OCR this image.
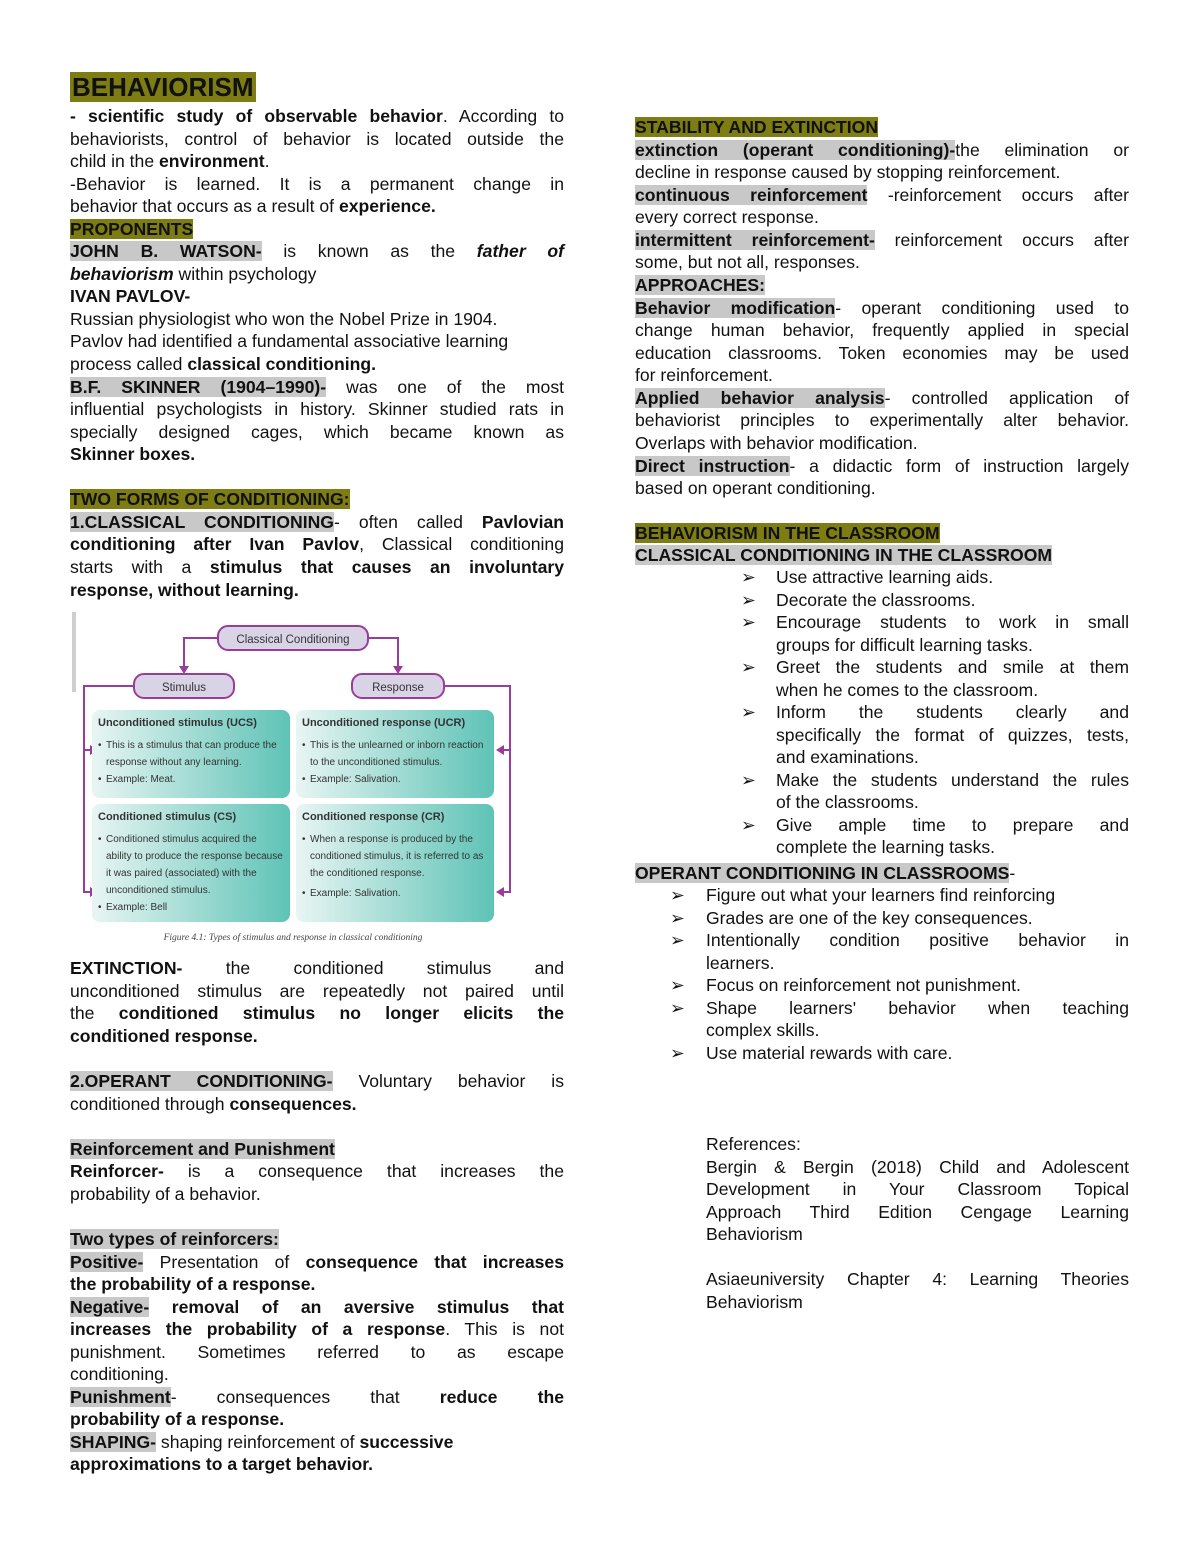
BEHAVIORISM
- scientific study of observable behavior. According to
behaviorists, control of behavior is located outside the
child in the environment.
-Behavior is learned. It is a permanent change in
behavior that occurs as a result of experience.
PROPONENTS
JOHN B. WATSON- is known as the father of
behaviorism within psychology
IVAN PAVLOV-
Russian physiologist who won the Nobel Prize in 1904.
Pavlov had identified a fundamental associative learning
process called classical conditioning.
B.F. SKINNER (1904–1990)- was one of the most
influential psychologists in history. Skinner studied rats in
specially designed cages, which became known as
Skinner boxes.
TWO FORMS OF CONDITIONING:
1.CLASSICAL CONDITIONING- often called Pavlovian
conditioning after Ivan Pavlov, Classical conditioning
starts with a stimulus that causes an involuntary
response, without learning.
EXTINCTION- the conditioned stimulus and
unconditioned stimulus are repeatedly not paired until
the conditioned stimulus no longer elicits the
conditioned response.
2.OPERANT CONDITIONING- Voluntary behavior is
conditioned through consequences.
Reinforcement and Punishment
Reinforcer- is a consequence that increases the
probability of a behavior.
Two types of reinforcers:
Positive- Presentation of consequence that increases
the probability of a response.
Negative- removal of an aversive stimulus that
increases the probability of a response. This is not
punishment. Sometimes referred to as escape
conditioning.
Punishment- consequences that reduce the
probability of a response.
SHAPING- shaping reinforcement of successive
approximations to a target behavior.
Classical Conditioning
Stimulus	Response
Unconditioned stimulus (UCS)
• This is a stimulus that can produce the
response without any learning.
• Example: Meat.
Unconditioned response (UCR)
• This is the unlearned or inborn reaction
to the unconditioned stimulus.
• Example: Salivation.
Conditioned stimulus (CS)
• Conditioned stimulus acquired the
ability to produce the response because
it was paired (associated) with the
unconditioned stimulus.
• Example: Bell
Conditioned response (CR)
• When a response is produced by the
conditioned stimulus, it is referred to as
the conditioned response.
• Example: Salivation.
Figure 4.1: Types of stimulus and response in classical conditioning
STABILITY AND EXTINCTION
extinction (operant conditioning)-the elimination or
decline in response caused by stopping reinforcement.
continuous reinforcement -reinforcement occurs after
every correct response.
intermittent reinforcement- reinforcement occurs after
some, but not all, responses.
APPROACHES:
Behavior modification- operant conditioning used to
change human behavior, frequently applied in special
education classrooms. Token economies may be used
for reinforcement.
Applied behavior analysis- controlled application of
behaviorist principles to experimentally alter behavior.
Overlaps with behavior modification.
Direct instruction- a didactic form of instruction largely
based on operant conditioning.
BEHAVIORISM IN THE CLASSROOM
CLASSICAL CONDITIONING IN THE CLASSROOM
➢ Use attractive learning aids.
➢ Decorate the classrooms.
➢ Encourage students to work in small
groups for difficult learning tasks.
➢ Greet the students and smile at them
when he comes to the classroom.
➢ Inform the students clearly and
specifically the format of quizzes, tests,
and examinations.
➢ Make the students understand the rules
of the classrooms.
➢ Give ample time to prepare and
complete the learning tasks.
OPERANT CONDITIONING IN CLASSROOMS-
➢ Figure out what your learners find reinforcing
➢ Grades are one of the key consequences.
➢ Intentionally condition positive behavior in
learners.
➢ Focus on reinforcement not punishment.
➢ Shape learners' behavior when teaching
complex skills.
➢ Use material rewards with care.
References:
Bergin & Bergin (2018) Child and Adolescent
Development in Your Classroom Topical
Approach Third Edition Cengage Learning
Behaviorism
Asiaeuniversity Chapter 4: Learning Theories
Behaviorism
